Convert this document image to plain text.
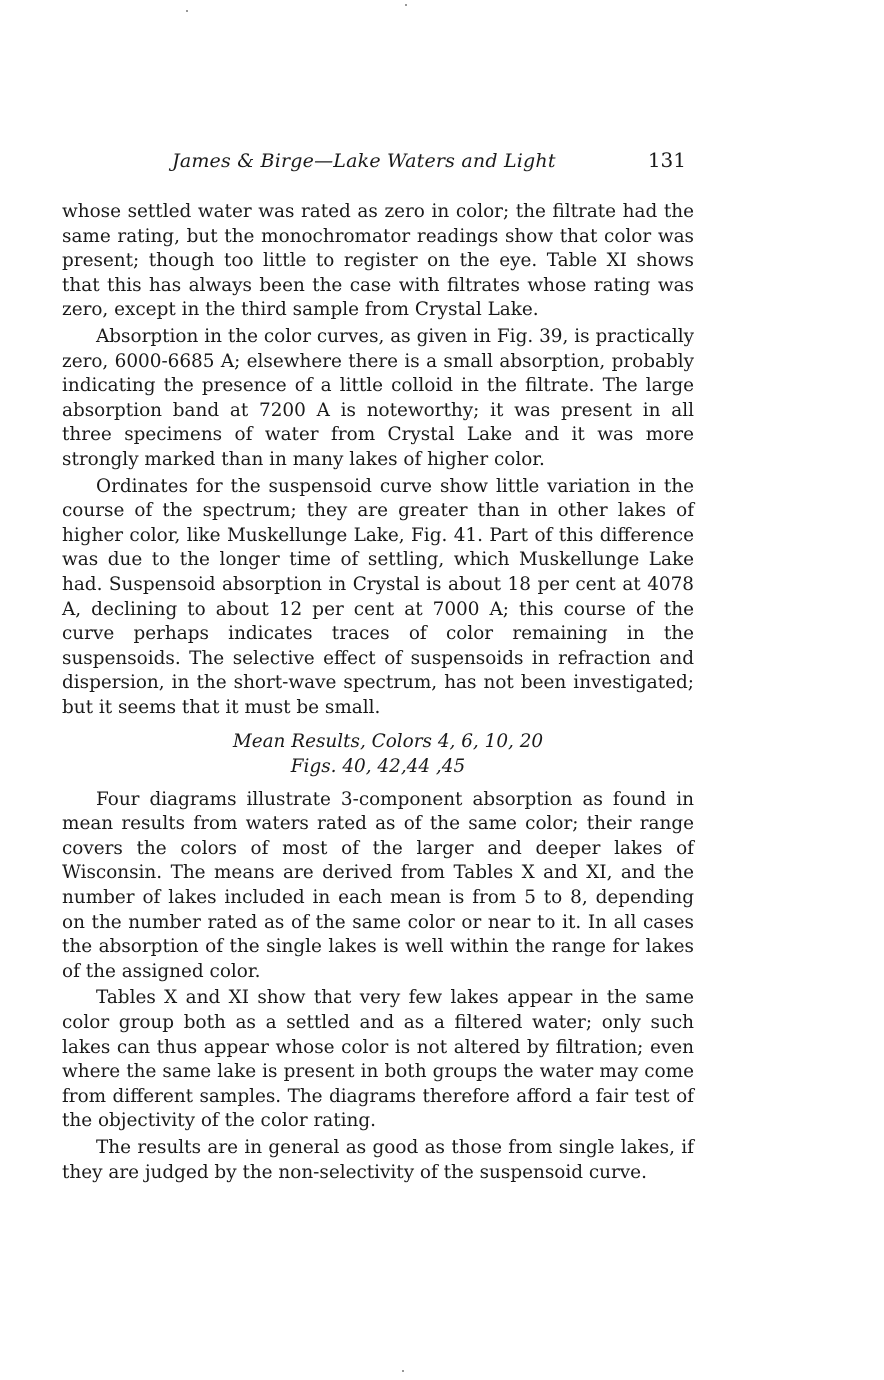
James & Birge—Lake Waters and Light	131

whose settled water was rated as zero in color; the filtrate had the same rating, but the monochromator readings show that color was present; though too little to register on the eye. Table XI shows that this has always been the case with filtrates whose rating was zero, except in the third sample from Crystal Lake.

Absorption in the color curves, as given in Fig. 39, is practically zero, 6000-6685 A; elsewhere there is a small absorption, probably indicating the presence of a little colloid in the filtrate. The large absorption band at 7200 A is noteworthy; it was present in all three specimens of water from Crystal Lake and it was more strongly marked than in many lakes of higher color.

Ordinates for the suspensoid curve show little variation in the course of the spectrum; they are greater than in other lakes of higher color, like Muskellunge Lake, Fig. 41. Part of this difference was due to the longer time of settling, which Muskellunge Lake had. Suspensoid absorption in Crystal is about 18 per cent at 4078 A, declining to about 12 per cent at 7000 A; this course of the curve perhaps indicates traces of color remaining in the suspensoids. The selective effect of suspensoids in refraction and dispersion, in the short-wave spectrum, has not been investigated; but it seems that it must be small.

Mean Results, Colors 4, 6, 10, 20
Figs. 40, 42,44 ,45

Four diagrams illustrate 3-component absorption as found in mean results from waters rated as of the same color; their range covers the colors of most of the larger and deeper lakes of Wisconsin. The means are derived from Tables X and XI, and the number of lakes included in each mean is from 5 to 8, depending on the number rated as of the same color or near to it. In all cases the absorption of the single lakes is well within the range for lakes of the assigned color.

Tables X and XI show that very few lakes appear in the same color group both as a settled and as a filtered water; only such lakes can thus appear whose color is not altered by filtration; even where the same lake is present in both groups the water may come from different samples. The diagrams therefore afford a fair test of the objectivity of the color rating.

The results are in general as good as those from single lakes, if they are judged by the non-selectivity of the suspensoid curve.
